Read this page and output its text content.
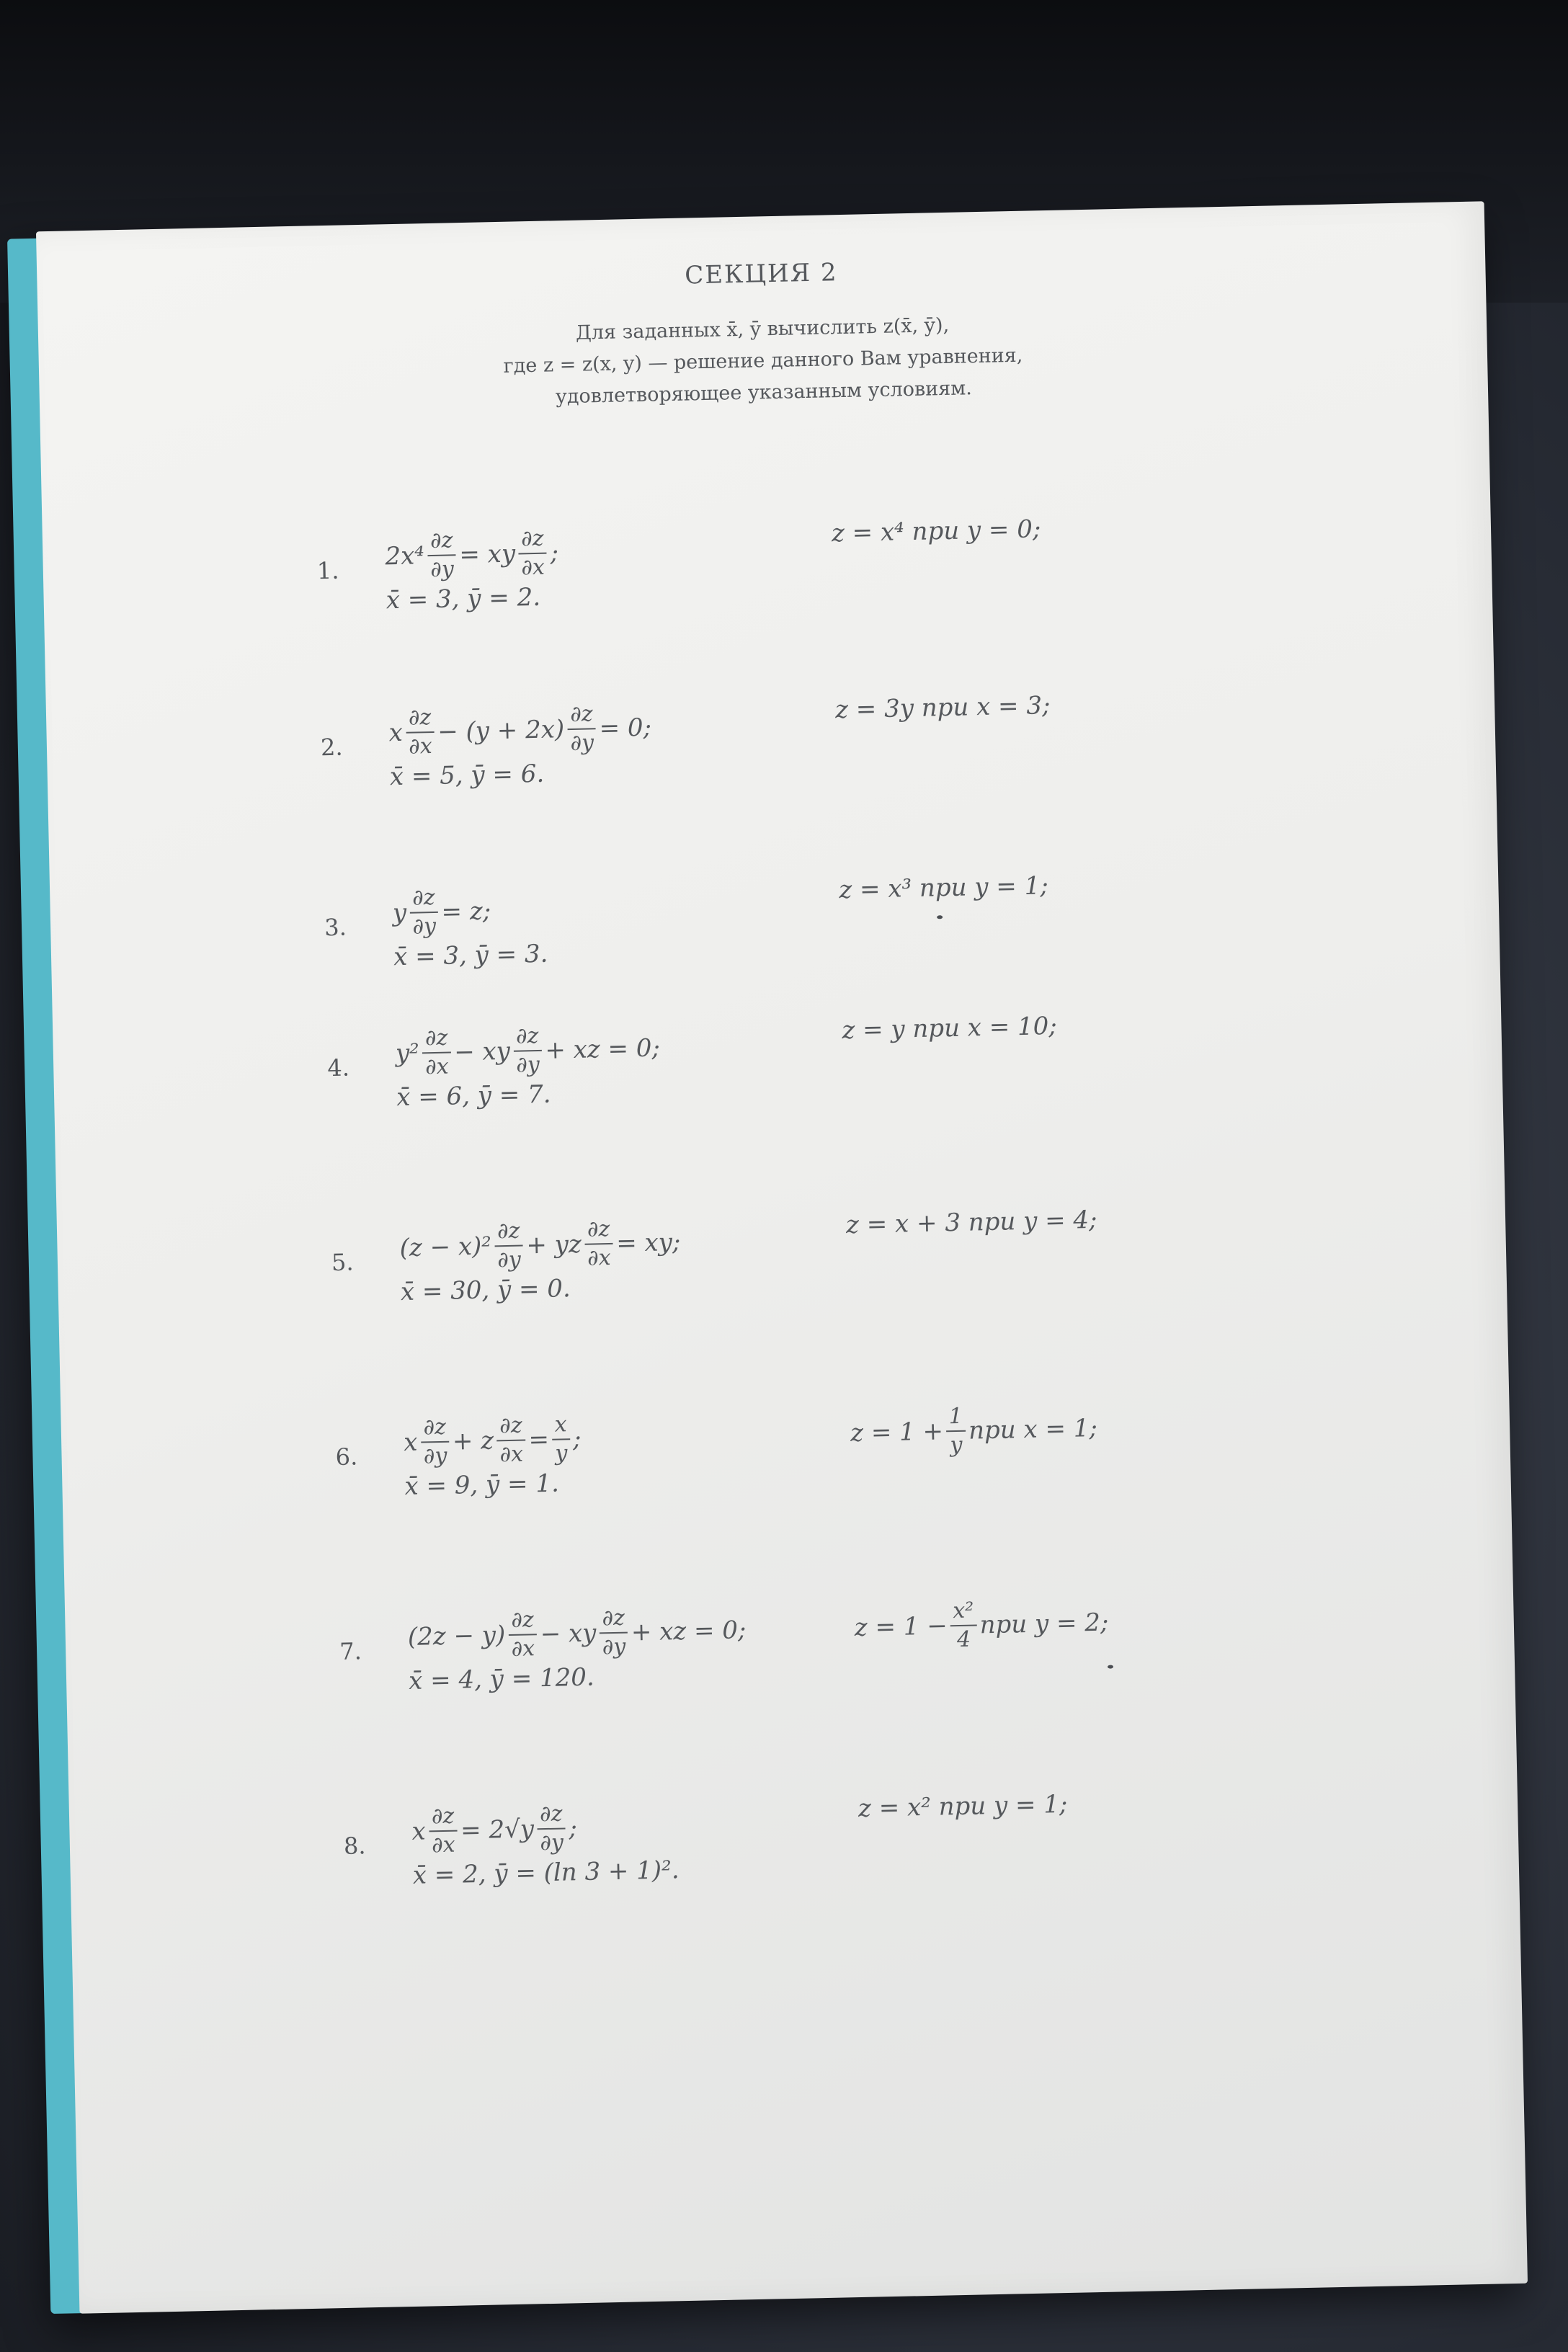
СЕКЦИЯ 2
Для заданных x̄, ȳ вычислить z(x̄, ȳ),
где z = z(x, y) — решение данного Вам уравнения,
удовлетворяющее указанным условиям.
1. $2x^4 \frac{\partial z}{\partial y}$ = xy $\frac{\partial z}{\partial x}$ ;
z = x⁴ при y = 0;
x̄ = 3, ȳ = 2.
2. x $\frac{\partial z}{\partial x} - (y + 2x) \frac{\partial z}{\partial y} = 0$;
z = 3y при x = 3;
x̄ = 5, ȳ = 6.
3. y $\frac{\partial z}{\partial y} = z$;
z = x³ при y = 1;
x̄ = 3, ȳ = 3.
4. $y^2 \frac{\partial z}{\partial x}$ − xy $\frac{\partial z}{\partial y}$ + xz = 0;
z = y при x = 10;
x̄ = 6, ȳ = 7.
5. $(z - x)^2 \frac{\partial z}{\partial y}$ + yz $\frac{\partial z}{\partial x}$ = xy;
z = x + 3 при y = 4;
x̄ = 30, ȳ = 0.
6. x $\frac{\partial z}{\partial y} + z \frac{\partial z}{\partial x} = \frac{x}{y}$ ;	$z = 1 + \frac{1}{y}$ при x = 1;
x̄ = 9, ȳ = 1.
7. $(2z - y) \frac{\partial z}{\partial x}$ − xy $\frac{\partial z}{\partial y}$ + xz = 0;	$z = 1 - \frac{\text{x²}}{4}$ при y = 2;
x̄ = 4, ȳ = 120.
8. x $\frac{\partial z}{\partial x} = 2√y \frac{\partial z}{\partial y}$ ;
z = x² при y = 1;
x̄ = 2, ȳ = (ln 3 + 1)².
